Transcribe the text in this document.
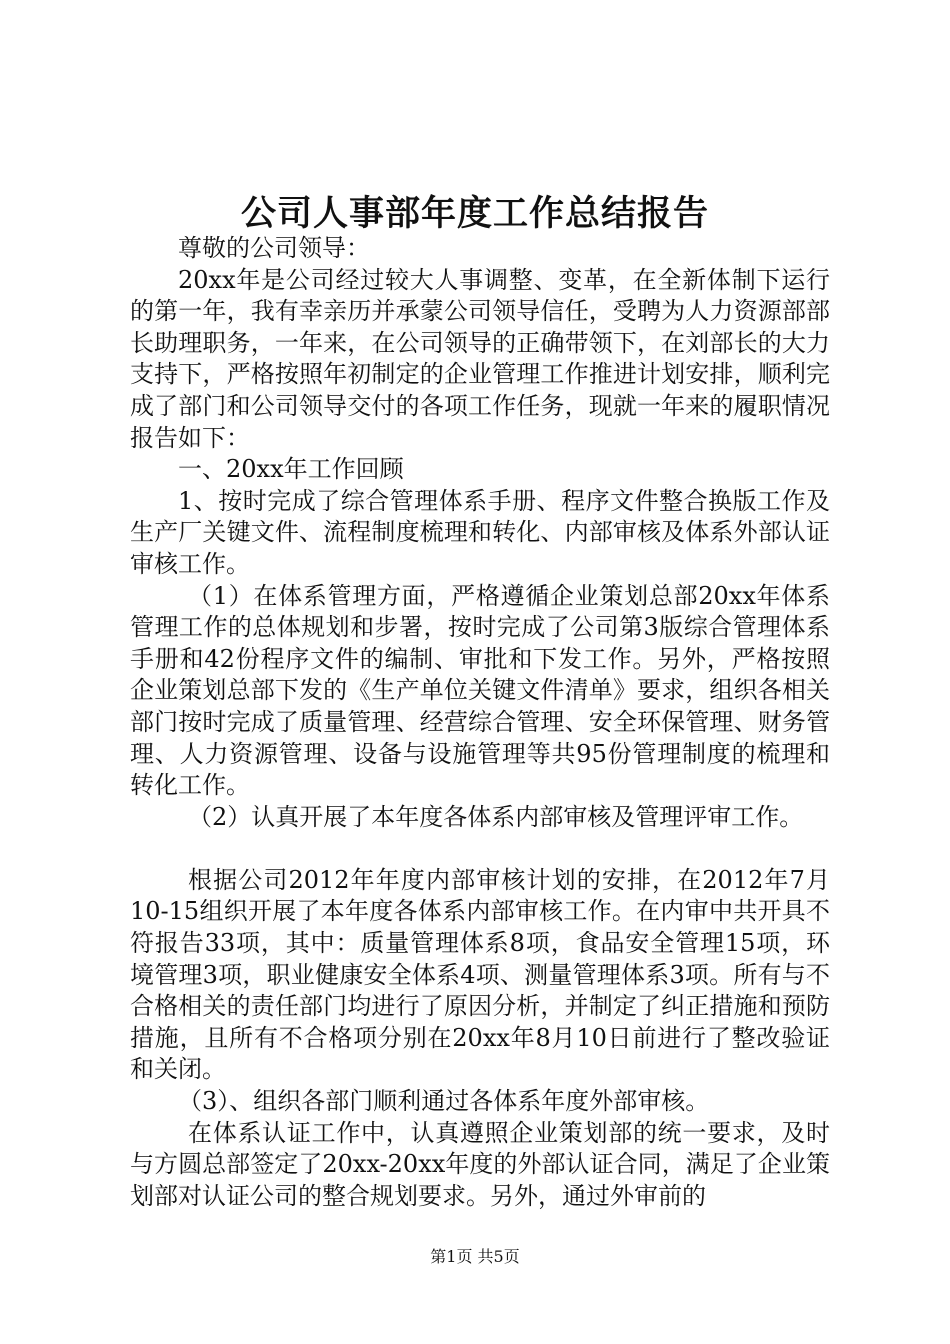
公司人事部年度工作总结报告

尊敬的公司领导：

20xx年是公司经过较大人事调整、变革，在全新体制下运行的第一年，我有幸亲历并承蒙公司领导信任，受聘为人力资源部部长助理职务，一年来，在公司领导的正确带领下，在刘部长的大力支持下，严格按照年初制定的企业管理工作推进计划安排，顺利完成了部门和公司领导交付的各项工作任务，现就一年来的履职情况报告如下：

一、20xx年工作回顾

1、按时完成了综合管理体系手册、程序文件整合换版工作及生产厂关键文件、流程制度梳理和转化、内部审核及体系外部认证审核工作。

（1）在体系管理方面，严格遵循企业策划总部20xx年体系管理工作的总体规划和步署，按时完成了公司第3版综合管理体系手册和42份程序文件的编制、审批和下发工作。另外，严格按照企业策划总部下发的《生产单位关键文件清单》要求，组织各相关部门按时完成了质量管理、经营综合管理、安全环保管理、财务管理、人力资源管理、设备与设施管理等共95份管理制度的梳理和转化工作。

（2）认真开展了本年度各体系内部审核及管理评审工作。

根据公司2012年年度内部审核计划的安排，在2012年7月10-15组织开展了本年度各体系内部审核工作。在内审中共开具不符报告33项，其中：质量管理体系8项，食品安全管理15项，环境管理3项，职业健康安全体系4项、测量管理体系3项。所有与不合格相关的责任部门均进行了原因分析，并制定了纠正措施和预防措施，且所有不合格项分别在20xx年8月10日前进行了整改验证和关闭。

（3）、组织各部门顺利通过各体系年度外部审核。

在体系认证工作中，认真遵照企业策划部的统一要求，及时与方圆总部签定了20xx-20xx年度的外部认证合同，满足了企业策划部对认证公司的整合规划要求。另外，通过外审前的

第1页 共5页
